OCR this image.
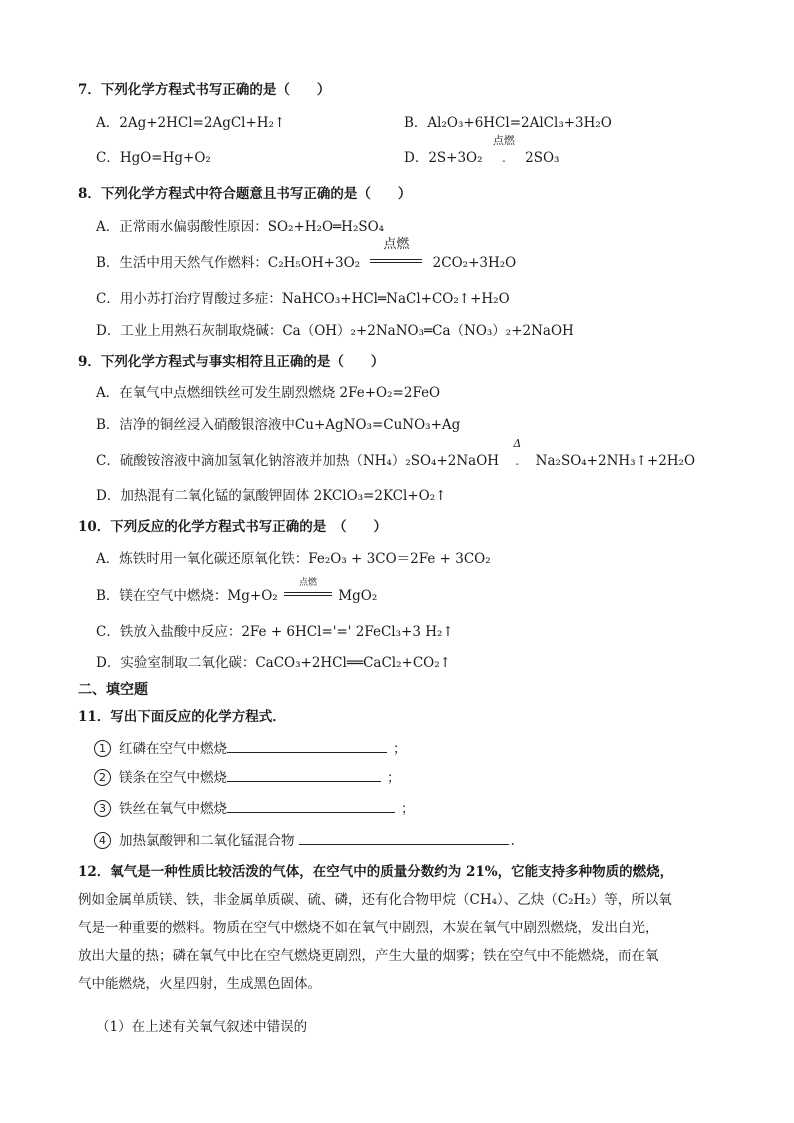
7．下列化学方程式书写正确的是（　　）
A．2Ag+2HCl=2AgCl+H₂↑	B．Al₂O₃+6HCl=2AlCl₃+3H₂O
C．HgO=Hg+O₂	D．2S+3O₂
点燃
-	2SO₃
8．下列化学方程式中符合题意且书写正确的是（　　）
A．正常雨水偏弱酸性原因：SO₂+H₂O═H₂SO₄
B．生活中用天然气作燃料：C₂H₅OH+3O₂
点燃
2CO₂+3H₂O
C．用小苏打治疗胃酸过多症：NaHCO₃+HCl═NaCl+CO₂↑+H₂O
D．工业上用熟石灰制取烧碱：Ca（OH）₂+2NaNO₃═Ca（NO₃）₂+2NaOH
9．下列化学方程式与事实相符且正确的是（　　）
A．在氧气中点燃细铁丝可发生剧烈燃烧 2Fe+O₂=2FeO
B．洁净的铜丝浸入硝酸银溶液中Cu+AgNO₃=CuNO₃+Ag
C．硫酸铵溶液中滴加氢氧化钠溶液并加热（NH₄）₂SO₄+2NaOH
Δ
-	Na₂SO₄+2NH₃↑+2H₂O
D．加热混有二氧化锰的氯酸钾固体 2KClO₃=2KCl+O₂↑
10．下列反应的化学方程式书写正确的是　（　　）
A．炼铁时用一氧化碳还原氧化铁：Fe₂O₃ + 3CO＝2Fe + 3CO₂
B．镁在空气中燃烧：Mg+O₂
点燃
MgO₂
C．铁放入盐酸中反应：2Fe + 6HCl='=' 2FeCl₃+3 H₂↑
D．实验室制取二氧化碳：CaCO₃+2HCl══CaCl₂+CO₂↑
二、填空题
11．写出下面反应的化学方程式．
1 红磷在空气中燃烧	；
2 镁条在空气中燃烧	；
3 铁丝在氧气中燃烧	；
4 加热氯酸钾和二氧化锰混合物	.
12．氧气是一种性质比较活泼的气体，在空气中的质量分数约为 21%，它能支持多种物质的燃烧，
例如金属单质镁、铁，非金属单质碳、硫、磷，还有化合物甲烷（CH₄）、乙炔（C₂H₂）等，所以氧
气是一种重要的燃料。物质在空气中燃烧不如在氧气中剧烈，木炭在氧气中剧烈燃烧，发出白光，
放出大量的热；磷在氧气中比在空气燃烧更剧烈，产生大量的烟雾；铁在空气中不能燃烧，而在氧
气中能燃烧，火星四射，生成黑色固体。
（1）在上述有关氧气叙述中错误的
